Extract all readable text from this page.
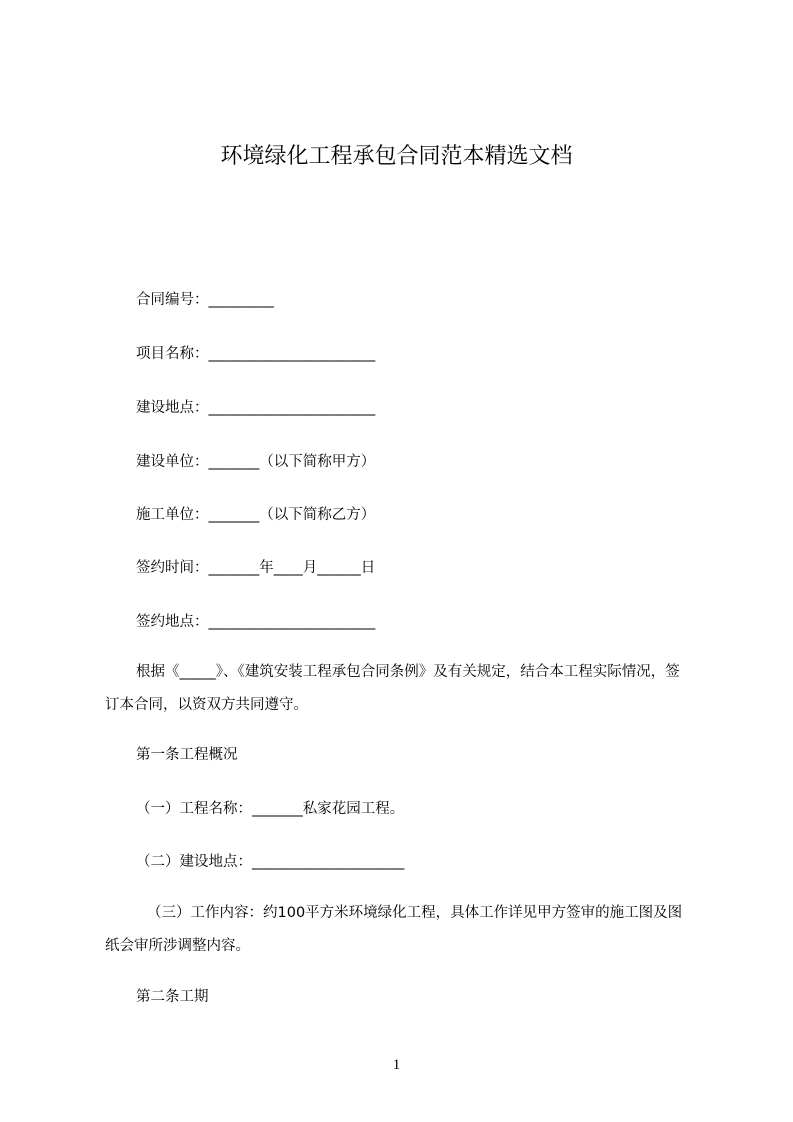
环境绿化工程承包合同范本精选文档
合同编号：_________
项目名称：_______________________
建设地点：_______________________
建设单位：_______（以下简称甲方）
施工单位：_______（以下简称乙方）
签约时间：_______年____月______日
签约地点：_______________________
根据《_____》、《建筑安装工程承包合同条例》及有关规定，结合本工程实际情况，签订本合同，以资双方共同遵守。
第一条工程概况
（一）工程名称：_______私家花园工程。
（二）建设地点：_____________________
（三）工作内容：约100平方米环境绿化工程，具体工作详见甲方签审的施工图及图纸会审所涉调整内容。
第二条工期
1
